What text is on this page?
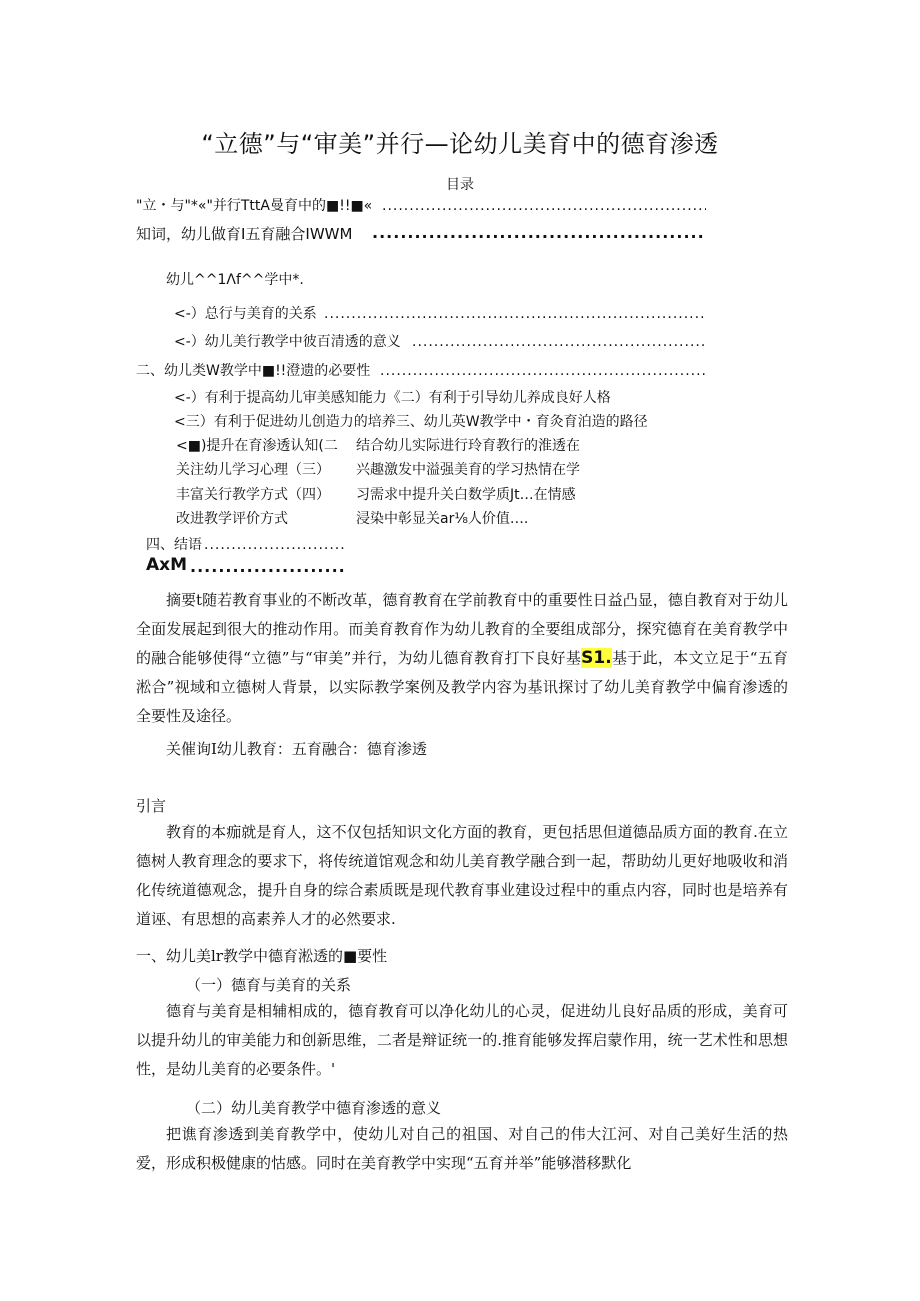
“立德”与“审美”并行—论幼儿美育中的德育渗透
目录
"立・与"*«"并行TttA曼育中的■!!■«
.....
知词，幼儿做育I五育融合IWWM
.....
幼儿^^1Λf^^学中*.
<-）总行与美育的关系
.....
<-）幼儿美行教学中彼百清透的意义
.....
二、幼儿类W教学中■!!澄遗的必要性
.....
<-）有利于提高幼儿审美感知能力《二）有利于引导幼儿养成良好人格
<三）有利于促进幼儿创造力的培养三、幼儿英W教学中・育灸育泊造的路径
<■)提升在育渗透认知(二 结合幼儿实际进行玲育教行的淮透在
关注幼儿学习心理（三） 兴趣激发中溢强美育的学习热情在学
丰富关行教学方式（四） 习需求中提升关白数学质Jt…在情感
改进教学评价方式	浸染中彰显关ar⅛人价值….
四、结语
.....
AxM
.....
摘要t随若教育事业的不断改革，德育教育在学前教育中的重要性日益凸显，德自教育对于幼儿全面发展起到很大的推动作用。而美育教育作为幼儿教育的全要组成部分，探究德育在美育教学中的融合能够使得“立德”与“审美”并行，为幼儿德育教育打下良好基S1.基于此，本文立足于“五育淞合”视域和立德树人背景，以实际教学案例及教学内容为基讯探讨了幼儿美育教学中偏育渗透的全要性及途径。
关催询I幼儿教育：五育融合：德育渗透
引言
教育的本痂就是育人，这不仅包括知识文化方面的教育，更包括思但道德品质方面的教育.在立德树人教育理念的要求下，将传统道馆观念和幼儿美育教学融合到一起，帮助幼儿更好地吸收和消化传统道德观念，提升自身的综合素质既是现代教育事业建设过程中的重点内容，同时也是培养有道诬、有思想的高素养人才的必然要求.
一、幼儿美lr教学中德育淞透的■要性
（一）德育与美育的关系
德育与美育是相辅相成的，德育教育可以净化幼儿的心灵，促进幼儿良好品质的形成，美育可以提升幼儿的审美能力和创新思维，二者是辩证统一的.推育能够发挥启蒙作用，统一艺术性和思想性，是幼儿美育的必要条件。'
（二）幼儿美育教学中德育渗透的意义
把谯育渗透到美育教学中，使幼儿对自己的祖国、对自己的伟大江河、对自己美好生活的热爱，形成积极健康的怙感。同时在美育教学中实现“五育并举”能够潜移默化
